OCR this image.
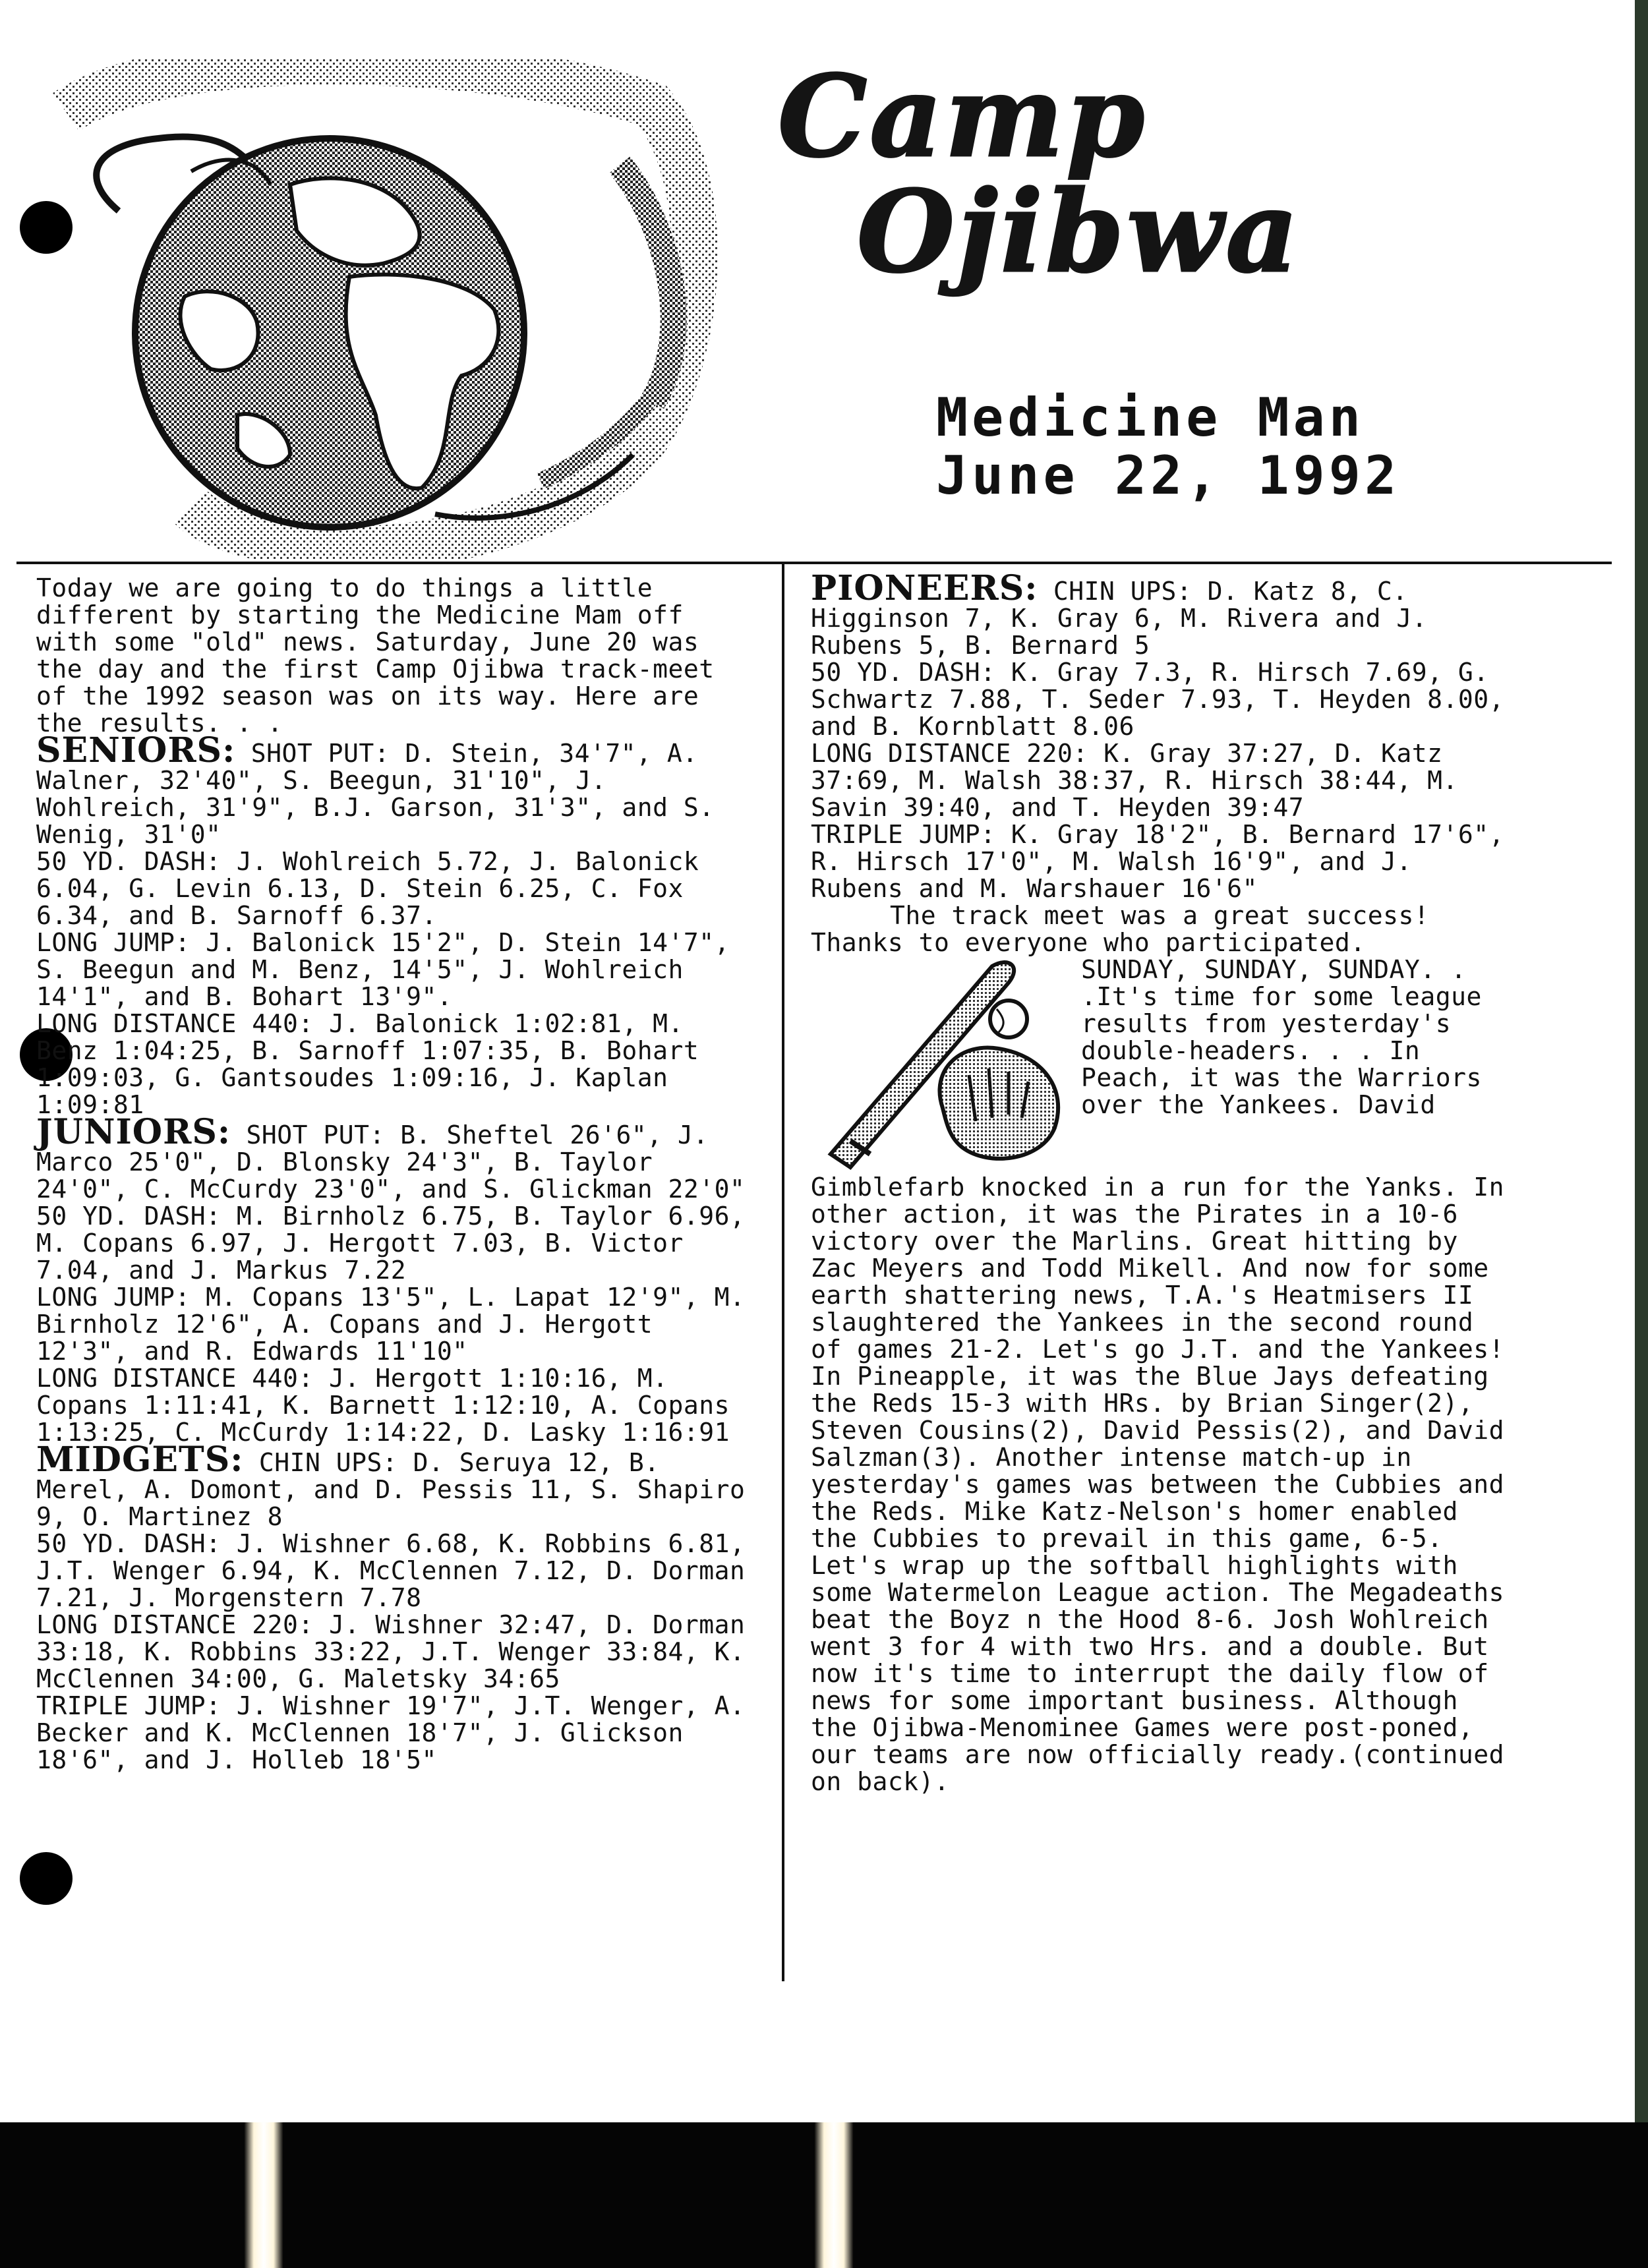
Camp
Ojibwa
Medicine Man
June 22, 1992

Today we are going to do things a little different by starting the Medicine Mam off with some "old" news. Saturday, June 20 was the day and the first Camp Ojibwa track-meet of the 1992 season was on its way. Here are the results. . .

SENIORS: SHOT PUT: D. Stein, 34'7", A. Walner, 32'40", S. Beegun, 31'10", J. Wohlreich, 31'9", B.J. Garson, 31'3", and S. Wenig, 31'0"

50 YD. DASH: J. Wohlreich 5.72, J. Balonick 6.04, G. Levin 6.13, D. Stein 6.25, C. Fox 6.34, and B. Sarnoff 6.37.

LONG JUMP: J. Balonick 15'2", D. Stein 14'7", S. Beegun and M. Benz, 14'5", J. Wohlreich 14'1", and B. Bohart 13'9".

LONG DISTANCE 440: J. Balonick 1:02:81, M. Benz 1:04:25, B. Sarnoff 1:07:35, B. Bohart 1:09:03, G. Gantsoudes 1:09:16, J. Kaplan 1:09:81

JUNIORS: SHOT PUT: B. Sheftel 26'6", J. Marco 25'0", D. Blonsky 24'3", B. Taylor 24'0", C. McCurdy 23'0", and S. Glickman 22'0"

50 YD. DASH: M. Birnholz 6.75, B. Taylor 6.96, M. Copans 6.97, J. Hergott 7.03, B. Victor 7.04, and J. Markus 7.22

LONG JUMP: M. Copans 13'5", L. Lapat 12'9", M. Birnholz 12'6", A. Copans and J. Hergott 12'3", and R. Edwards 11'10"

LONG DISTANCE 440: J. Hergott 1:10:16, M. Copans 1:11:41, K. Barnett 1:12:10, A. Copans 1:13:25, C. McCurdy 1:14:22, D. Lasky 1:16:91

MIDGETS: CHIN UPS: D. Seruya 12, B. Merel, A. Domont, and D. Pessis 11, S. Shapiro 9, O. Martinez 8

50 YD. DASH: J. Wishner 6.68, K. Robbins 6.81, J.T. Wenger 6.94, K. McClennen 7.12, D. Dorman 7.21, J. Morgenstern 7.78

LONG DISTANCE 220: J. Wishner 32:47, D. Dorman 33:18, K. Robbins 33:22, J.T. Wenger 33:84, K. McClennen 34:00, G. Maletsky 34:65

TRIPLE JUMP: J. Wishner 19'7", J.T. Wenger, A. Becker and K. McClennen 18'7", J. Glickson 18'6", and J. Holleb 18'5"

PIONEERS: CHIN UPS: D. Katz 8, C. Higginson 7, K. Gray 6, M. Rivera and J. Rubens 5, B. Bernard 5

50 YD. DASH: K. Gray 7.3, R. Hirsch 7.69, G. Schwartz 7.88, T. Seder 7.93, T. Heyden 8.00, and B. Kornblatt 8.06

LONG DISTANCE 220: K. Gray 37:27, D. Katz 37:69, M. Walsh 38:37, R. Hirsch 38:44, M. Savin 39:40, and T. Heyden 39:47

TRIPLE JUMP: K. Gray 18'2", B. Bernard 17'6", R. Hirsch 17'0", M. Walsh 16'9", and J. Rubens and M. Warshauer 16'6"

The track meet was a great success! Thanks to everyone who participated.

SUNDAY, SUNDAY, SUNDAY. . .It's time for some league results from yesterday's double-headers. . . In Peach, it was the Warriors over the Yankees. David

Gimblefarb knocked in a run for the Yanks. In other action, it was the Pirates in a 10-6 victory over the Marlins. Great hitting by Zac Meyers and Todd Mikell. And now for some earth shattering news, T.A.'s Heatmisers II slaughtered the Yankees in the second round of games 21-2. Let's go J.T. and the Yankees! In Pineapple, it was the Blue Jays defeating the Reds 15-3 with HRs. by Brian Singer(2), Steven Cousins(2), David Pessis(2), and David Salzman(3). Another intense match-up in yesterday's games was between the Cubbies and the Reds. Mike Katz-Nelson's homer enabled the Cubbies to prevail in this game, 6-5. Let's wrap up the softball highlights with some Watermelon League action. The Megadeaths beat the Boyz n the Hood 8-6. Josh Wohlreich went 3 for 4 with two Hrs. and a double. But now it's time to interrupt the daily flow of news for some important business. Although the Ojibwa-Menominee Games were post-poned, our teams are now officially ready.(continued on back).
